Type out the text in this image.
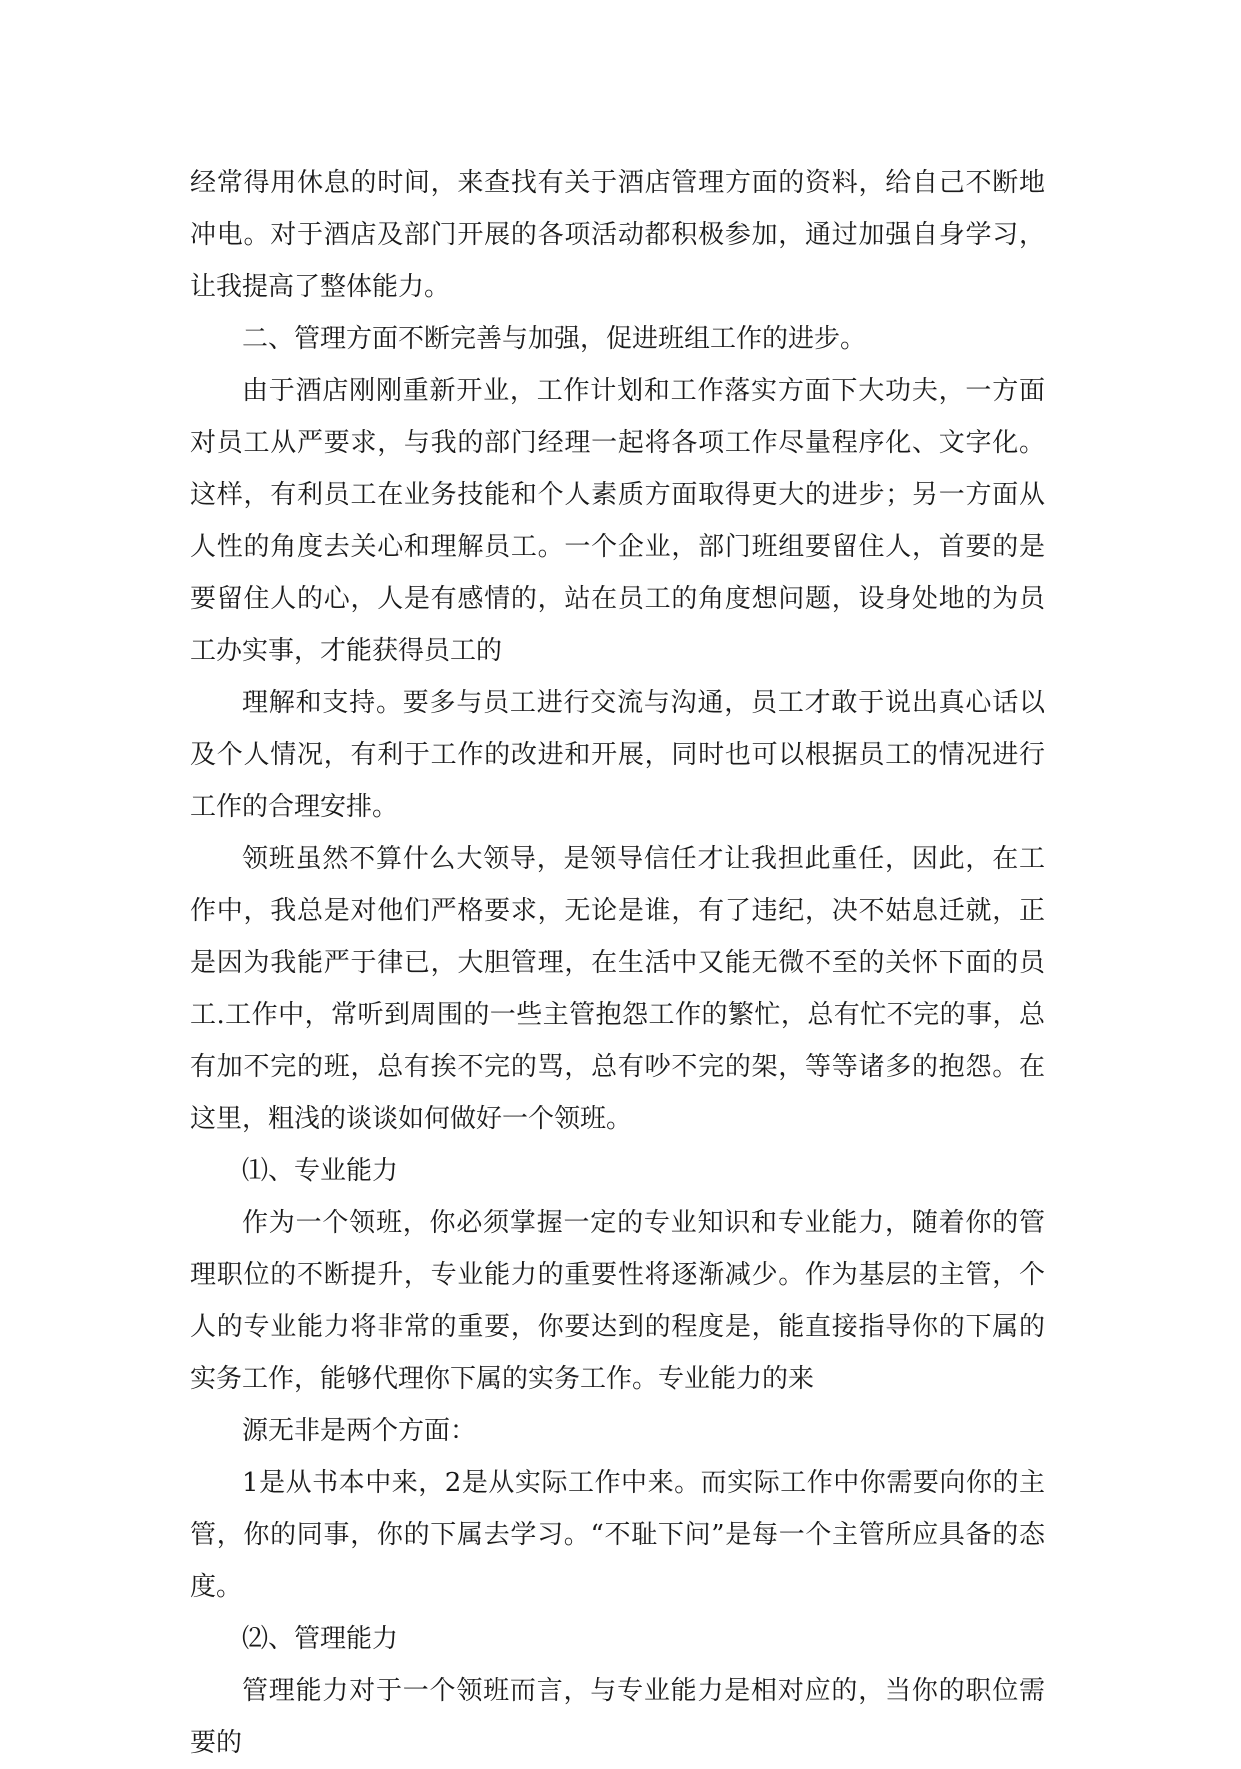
经常得用休息的时间，来查找有关于酒店管理方面的资料，给自己不断地冲电。对于酒店及部门开展的各项活动都积极参加，通过加强自身学习，让我提高了整体能力。

二、管理方面不断完善与加强，促进班组工作的进步。

由于酒店刚刚重新开业，工作计划和工作落实方面下大功夫，一方面对员工从严要求，与我的部门经理一起将各项工作尽量程序化、文字化。这样，有利员工在业务技能和个人素质方面取得更大的进步；另一方面从人性的角度去关心和理解员工。一个企业，部门班组要留住人，首要的是要留住人的心，人是有感情的，站在员工的角度想问题，设身处地的为员工办实事，才能获得员工的

理解和支持。要多与员工进行交流与沟通，员工才敢于说出真心话以及个人情况，有利于工作的改进和开展，同时也可以根据员工的情况进行工作的合理安排。

领班虽然不算什么大领导，是领导信任才让我担此重任，因此，在工作中，我总是对他们严格要求，无论是谁，有了违纪，决不姑息迁就，正是因为我能严于律已，大胆管理，在生活中又能无微不至的关怀下面的员工.工作中，常听到周围的一些主管抱怨工作的繁忙，总有忙不完的事，总有加不完的班，总有挨不完的骂，总有吵不完的架，等等诸多的抱怨。在这里，粗浅的谈谈如何做好一个领班。

⑴、专业能力

作为一个领班，你必须掌握一定的专业知识和专业能力，随着你的管理职位的不断提升，专业能力的重要性将逐渐减少。作为基层的主管，个人的专业能力将非常的重要，你要达到的程度是，能直接指导你的下属的实务工作，能够代理你下属的实务工作。专业能力的来

源无非是两个方面：

1是从书本中来，2是从实际工作中来。而实际工作中你需要向你的主管，你的同事，你的下属去学习。“不耻下问”是每一个主管所应具备的态度。

⑵、管理能力

管理能力对于一个领班而言，与专业能力是相对应的，当你的职位需要的
